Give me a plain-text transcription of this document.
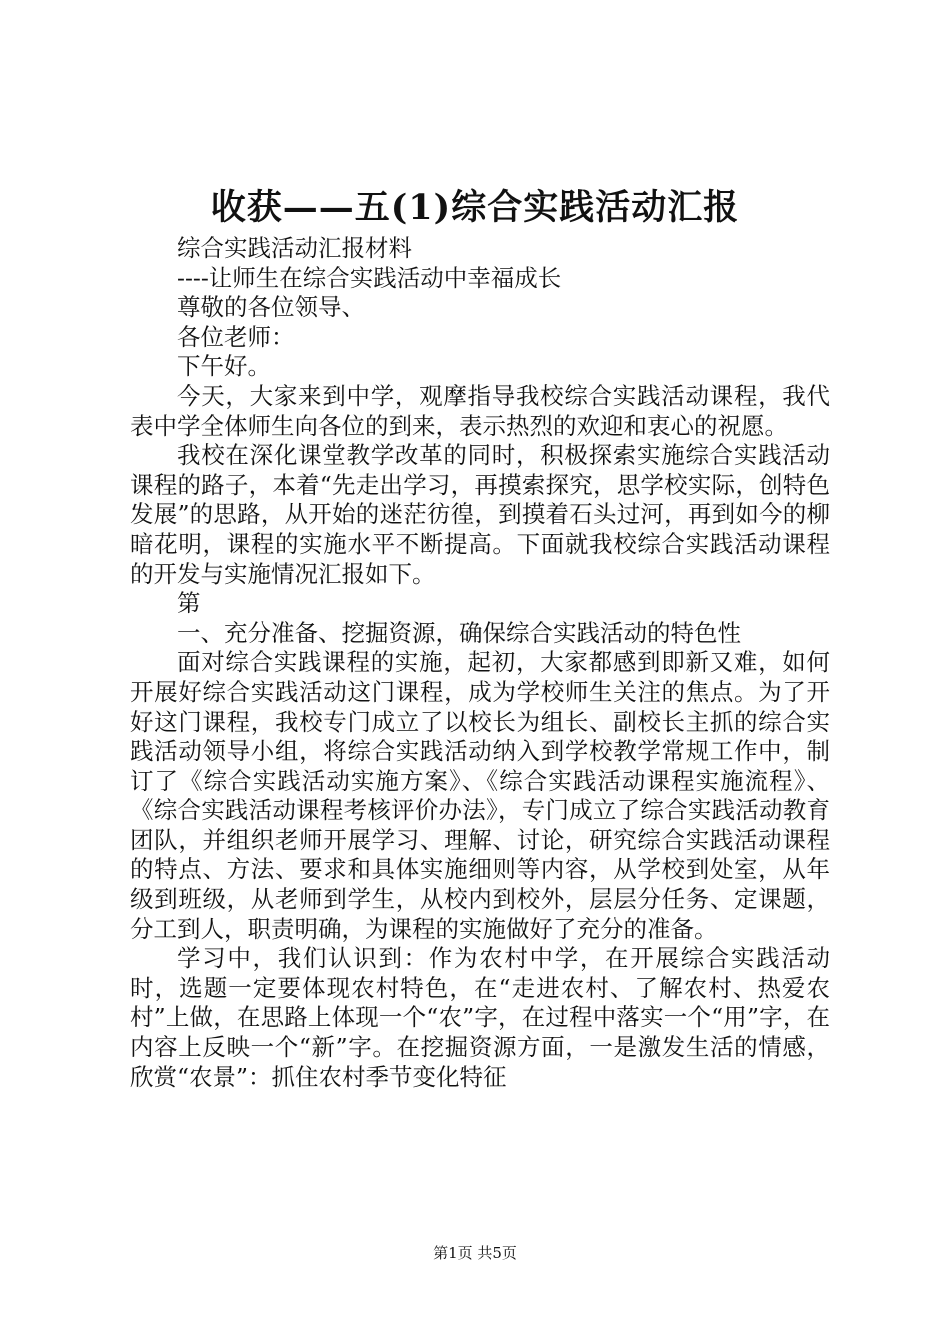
收获——五(1)综合实践活动汇报

综合实践活动汇报材料

----让师生在综合实践活动中幸福成长

尊敬的各位领导、

各位老师：

下午好。

今天，大家来到中学，观摩指导我校综合实践活动课程，我代表中学全体师生向各位的到来，表示热烈的欢迎和衷心的祝愿。

我校在深化课堂教学改革的同时，积极探索实施综合实践活动课程的路子，本着“先走出学习，再摸索探究，思学校实际，创特色发展”的思路，从开始的迷茫彷徨，到摸着石头过河，再到如今的柳暗花明，课程的实施水平不断提高。下面就我校综合实践活动课程的开发与实施情况汇报如下。

第

一、充分准备、挖掘资源，确保综合实践活动的特色性

面对综合实践课程的实施，起初，大家都感到即新又难，如何开展好综合实践活动这门课程，成为学校师生关注的焦点。为了开好这门课程，我校专门成立了以校长为组长、副校长主抓的综合实践活动领导小组，将综合实践活动纳入到学校教学常规工作中，制订了《综合实践活动实施方案》、《综合实践活动课程实施流程》、《综合实践活动课程考核评价办法》，专门成立了综合实践活动教育团队，并组织老师开展学习、理解、讨论，研究综合实践活动课程的特点、方法、要求和具体实施细则等内容，从学校到处室，从年级到班级，从老师到学生，从校内到校外，层层分任务、定课题，分工到人，职责明确，为课程的实施做好了充分的准备。

学习中，我们认识到：作为农村中学，在开展综合实践活动时，选题一定要体现农村特色，在“走进农村、了解农村、热爱农村”上做，在思路上体现一个“农”字，在过程中落实一个“用”字，在内容上反映一个“新”字。在挖掘资源方面，一是激发生活的情感，欣赏“农景”：抓住农村季节变化特征

第1页 共5页
